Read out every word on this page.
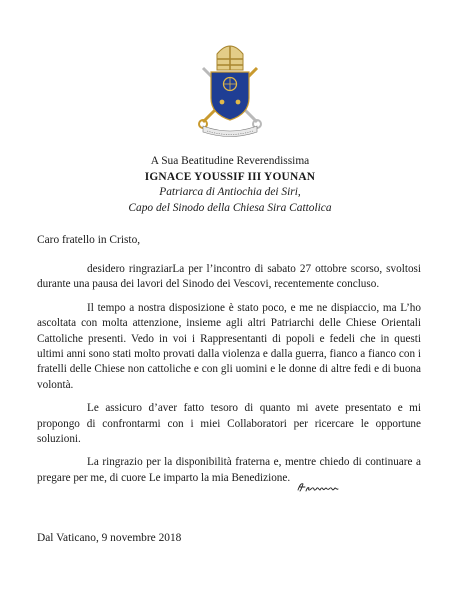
A Sua Beatitudine Reverendissima
IGNACE YOUSSIF III YOUNAN
Patriarca di Antiochia dei Siri,
Capo del Sinodo della Chiesa Sira Cattolica
Caro fratello in Cristo,

desidero ringraziarLa per l’incontro di sabato 27 ottobre scorso, svoltosi durante una pausa dei lavori del Sinodo dei Vescovi, recentemente concluso.

Il tempo a nostra disposizione è stato poco, e me ne dispiaccio, ma L’ho ascoltata con molta attenzione, insieme agli altri Patriarchi delle Chiese Orientali Cattoliche presenti. Vedo in voi i Rappresentanti di popoli e fedeli che in questi ultimi anni sono stati molto provati dalla violenza e dalla guerra, fianco a fianco con i fratelli delle Chiese non cattoliche e con gli uomini e le donne di altre fedi e di buona volontà.

Le assicuro d’aver fatto tesoro di quanto mi avete presentato e mi propongo di confrontarmi con i miei Collaboratori per ricercare le opportune soluzioni.

La ringrazio per la disponibilità fraterna e, mentre chiedo di continuare a pregare per me, di cuore Le imparto la mia Benedizione.

Dal Vaticano, 9 novembre 2018
